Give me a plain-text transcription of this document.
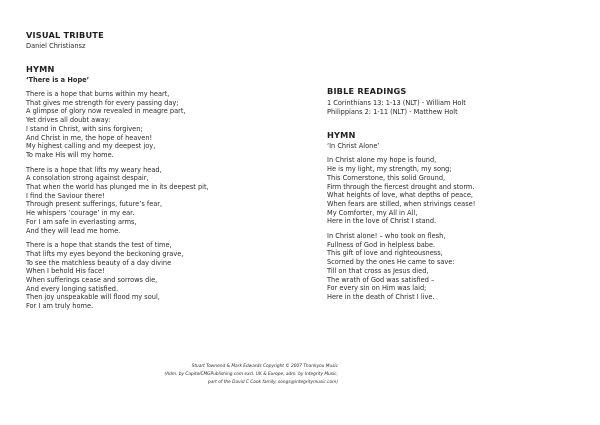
VISUAL TRIBUTE
Daniel Christiansz
HYMN
‘There is a Hope’
There is a hope that burns within my heart,
That gives me strength for every passing day;
A glimpse of glory now revealed in meagre part,
Yet drives all doubt away:
I stand in Christ, with sins forgiven;
And Christ in me, the hope of heaven!
My highest calling and my deepest joy,
To make His will my home.
There is a hope that lifts my weary head,
A consolation strong against despair,
That when the world has plunged me in its deepest pit,
I find the Saviour there!
Through present sufferings, future’s fear,
He whispers ‘courage’ in my ear.
For I am safe in everlasting arms,
And they will lead me home.
There is a hope that stands the test of time,
That lifts my eyes beyond the beckoning grave,
To see the matchless beauty of a day divine
When I behold His face!
When sufferings cease and sorrows die,
And every longing satisfied.
Then joy unspeakable will flood my soul,
For I am truly home.
Stuart Townend & Mark Edwards Copyright © 2007 Thankyou Music
(Adm. by CapitolCMGPublishing.com excl. UK & Europe, adm. by Integrity Music,
part of the David C Cook family, songs@integritymusic.com)
BIBLE READINGS
1 Corinthians 13: 1-13 (NLT) - William Holt
Philippians 2: 1-11 (NLT) - Matthew Holt
HYMN
‘In Christ Alone’
In Christ alone my hope is found,
He is my light, my strength, my song;
This Cornerstone, this solid Ground,
Firm through the fiercest drought and storm.
What heights of love, what depths of peace,
When fears are stilled, when strivings cease!
My Comforter, my All in All,
Here in the love of Christ I stand.
In Christ alone! – who took on flesh,
Fullness of God in helpless babe.
This gift of love and righteousness,
Scorned by the ones He came to save:
Till on that cross as Jesus died,
The wrath of God was satisfied –
For every sin on Him was laid;
Here in the death of Christ I live.
